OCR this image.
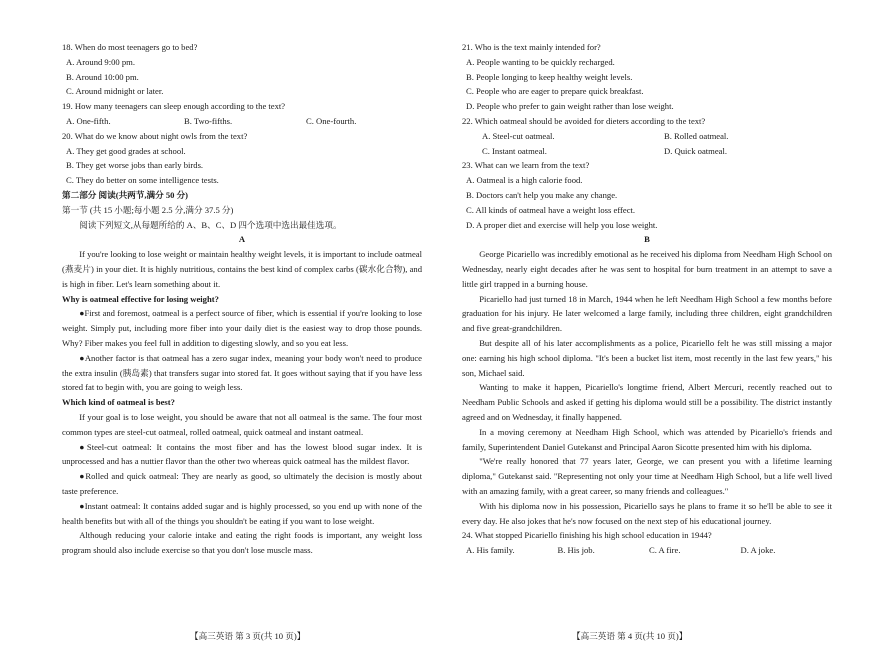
18. When do most teenagers go to bed?
A. Around 9:00 pm.
B. Around 10:00 pm.
C. Around midnight or later.
19. How many teenagers can sleep enough according to the text?
A. One-fifth.	B. Two-fifths.	C. One-fourth.
20. What do we know about night owls from the text?
A. They get good grades at school.
B. They get worse jobs than early birds.
C. They do better on some intelligence tests.
第二部分 阅读(共两节,满分 50 分)
第一节 (共 15 小题;每小题 2.5 分,满分 37.5 分)
阅读下列短文,从每题所给的 A、B、C、D 四个选项中选出最佳选项。
A

If you're looking to lose weight or maintain healthy weight levels, it is important to include oatmeal (燕麦片) in your diet. It is highly nutritious, contains the best kind of complex carbs (碳水化合物), and is high in fiber. Let's learn something about it.

Why is oatmeal effective for losing weight?

●First and foremost, oatmeal is a perfect source of fiber, which is essential if you're looking to lose weight. Simply put, including more fiber into your daily diet is the easiest way to drop those pounds. Why? Fiber makes you feel full in addition to digesting slowly, and so you eat less.

●Another factor is that oatmeal has a zero sugar index, meaning your body won't need to produce the extra insulin (胰岛素) that transfers sugar into stored fat. It goes without saying that if you have less stored fat to begin with, you are going to weigh less.

Which kind of oatmeal is best?

If your goal is to lose weight, you should be aware that not all oatmeal is the same. The four most common types are steel-cut oatmeal, rolled oatmeal, quick oatmeal and instant oatmeal.

●Steel-cut oatmeal: It contains the most fiber and has the lowest blood sugar index. It is unprocessed and has a nuttier flavor than the other two whereas quick oatmeal has the mildest flavor.

●Rolled and quick oatmeal: They are nearly as good, so ultimately the decision is mostly about taste preference.

●Instant oatmeal: It contains added sugar and is highly processed, so you end up with none of the health benefits but with all of the things you shouldn't be eating if you want to lose weight.

Although reducing your calorie intake and eating the right foods is important, any weight loss program should also include exercise so that you don't lose muscle mass.

21. Who is the text mainly intended for?
A. People wanting to be quickly recharged.
B. People longing to keep healthy weight levels.
C. People who are eager to prepare quick breakfast.
D. People who prefer to gain weight rather than lose weight.
22. Which oatmeal should be avoided for dieters according to the text?
A. Steel-cut oatmeal.	B. Rolled oatmeal.
C. Instant oatmeal.	D. Quick oatmeal.
23. What can we learn from the text?
A. Oatmeal is a high calorie food.
B. Doctors can't help you make any change.
C. All kinds of oatmeal have a weight loss effect.
D. A proper diet and exercise will help you lose weight.
B

George Picariello was incredibly emotional as he received his diploma from Needham High School on Wednesday, nearly eight decades after he was sent to hospital for burn treatment in an attempt to save a little girl trapped in a burning house.

Picariello had just turned 18 in March, 1944 when he left Needham High School a few months before graduation for his injury. He later welcomed a large family, including three children, eight grandchildren and five great-grandchildren.

But despite all of his later accomplishments as a police, Picariello felt he was still missing a major one: earning his high school diploma. "It's been a bucket list item, most recently in the last few years," his son, Michael said.

Wanting to make it happen, Picariello's longtime friend, Albert Mercuri, recently reached out to Needham Public Schools and asked if getting his diploma would still be a possibility. The district instantly agreed and on Wednesday, it finally happened.

In a moving ceremony at Needham High School, which was attended by Picariello's friends and family, Superintendent Daniel Gutekanst and Principal Aaron Sicotte presented him with his diploma.

"We're really honored that 77 years later, George, we can present you with a lifetime learning diploma," Gutekanst said. "Representing not only your time at Needham High School, but a life well lived with an amazing family, with a great career, so many friends and colleagues."

With his diploma now in his possession, Picariello says he plans to frame it so he'll be able to see it every day. He also jokes that he's now focused on the next step of his educational journey.

24. What stopped Picariello finishing his high school education in 1944?
A. His family.	B. His job.	C. A fire.	D. A joke.
【高三英语 第 3 页(共 10 页)】	【高三英语 第 4 页(共 10 页)】
